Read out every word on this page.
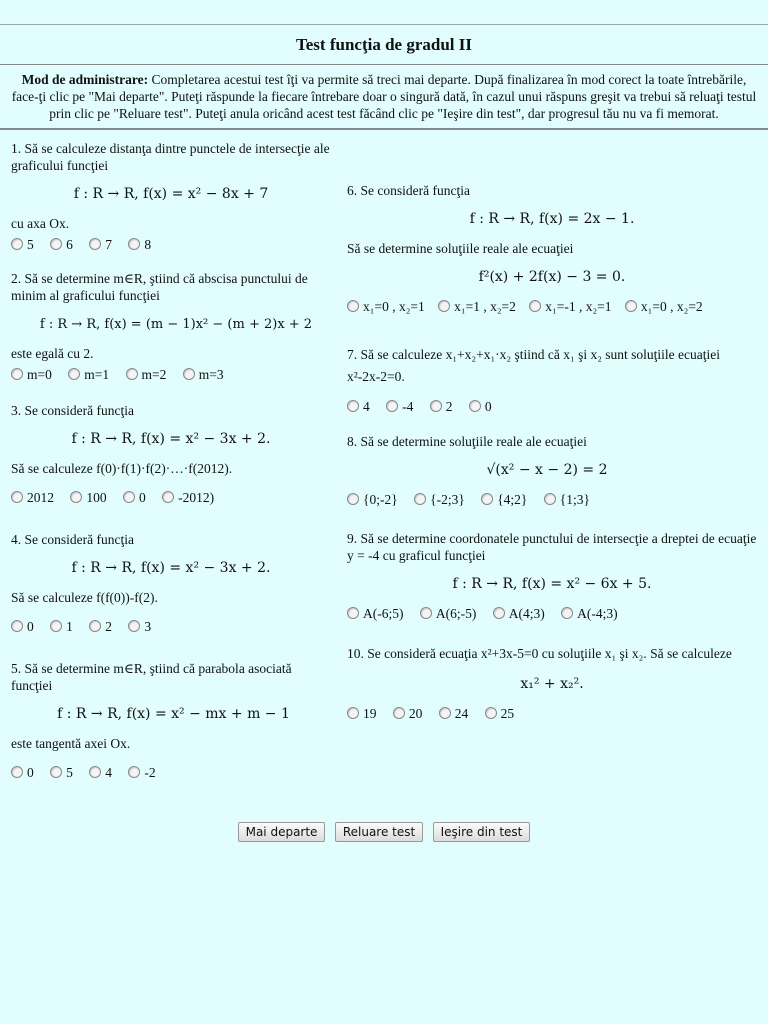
Test funcţia de gradul II
Mod de administrare: Completarea acestui test îţi va permite să treci mai departe. După finalizarea în mod corect la toate întrebările, face-ţi clic pe "Mai departe". Puteţi răspunde la fiecare întrebare doar o singură dată, în cazul unui răspuns greşit va trebui să reluaţi testul prin clic pe "Reluare test". Puteţi anula oricând acest test făcând clic pe "Ieşire din test", dar progresul tău nu va fi memorat.

1. Să se calculeze distanţa dintre punctele de intersecţie ale graficului funcţiei

f : R → R, f(x) = x² − 8x + 7

cu axa Ox.

5 6 7 8

2. Să se determine m∈R, ştiind că abscisa punctului de minim al graficului funcţiei

f : R → R, f(x) = (m − 1)x² − (m + 2)x + 2

este egală cu 2.

m=0 m=1 m=2 m=3

3. Se consideră funcţia

f : R → R, f(x) = x² − 3x + 2.

Să se calculeze f(0)·f(1)·f(2)·…·f(2012).

2012 100 0 -2012)

4. Se consideră funcţia

f : R → R, f(x) = x² − 3x + 2.

Să se calculeze f(f(0))-f(2).

0 1 2 3

5. Să se determine m∈R, ştiind că parabola asociată funcţiei

f : R → R, f(x) = x² − mx + m − 1

este tangentă axei Ox.

0 5 4 -2

6. Se consideră funcţia

f : R → R, f(x) = 2x − 1.

Să se determine soluţiile reale ale ecuaţiei

f²(x) + 2f(x) − 3 = 0.
x₁=0 , x₂=1 x₁=1 , x₂=2 x₁=-1 , x₂=1 x₁=0 , x₂=2

7. Să se calculeze x₁+x₂+x₁·x₂ ştiind că x₁ şi x₂ sunt soluţiile ecuaţiei x²-2x-2=0.

4 -4 2 0

8. Să se determine soluţiile reale ale ecuaţiei

√(x² − x − 2) = 2
{0;-2} {-2;3} {4;2} {1;3}

9. Să se determine coordonatele punctului de intersecţie a dreptei de ecuaţie y = -4 cu graficul funcţiei

f : R → R, f(x) = x² − 6x + 5.
A(-6;5) A(6;-5) A(4;3) A(-4;3)

10. Se consideră ecuaţia x²+3x-5=0 cu soluţiile x₁ şi x₂. Să se calculeze

x₁² + x₂².
19 20 24 25
Mai departe Reluare test Ieşire din test
